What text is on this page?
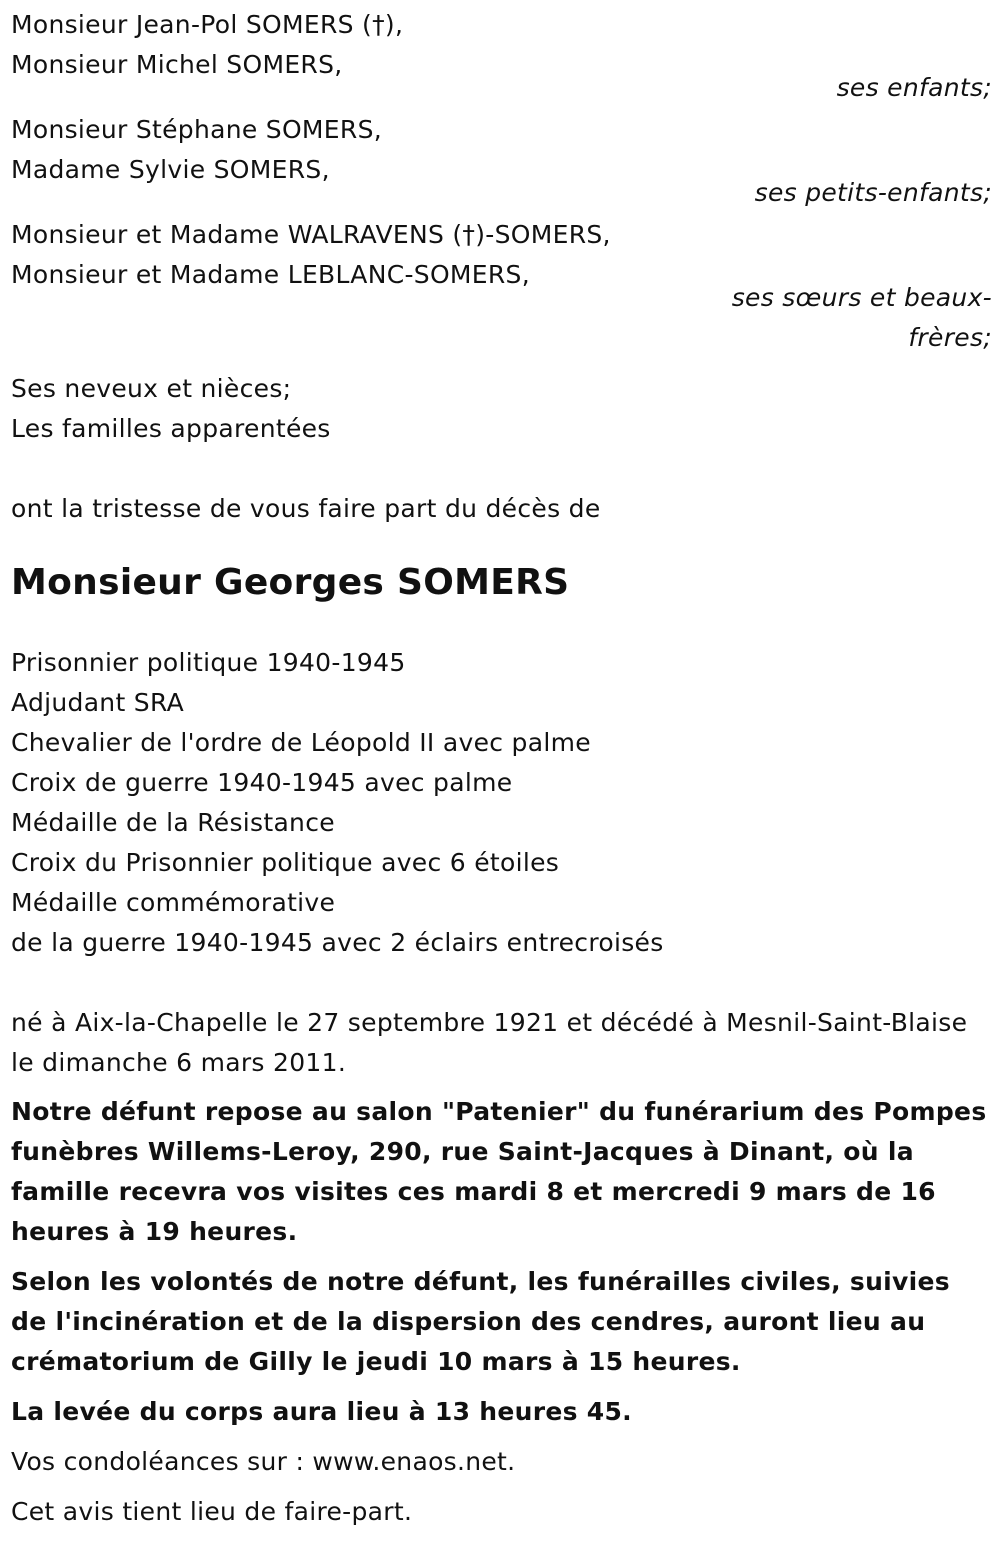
Monsieur Jean-Pol SOMERS (†),
Monsieur Michel SOMERS,
ses enfants;
Monsieur Stéphane SOMERS,
Madame Sylvie SOMERS,
ses petits-enfants;
Monsieur et Madame WALRAVENS (†)-SOMERS,
Monsieur et Madame LEBLANC-SOMERS,
ses sœurs et beaux-frères;
Ses neveux et nièces;
Les familles apparentées
ont la tristesse de vous faire part du décès de
Monsieur Georges SOMERS
Prisonnier politique 1940-1945
Adjudant SRA
Chevalier de l'ordre de Léopold II avec palme
Croix de guerre 1940-1945 avec palme
Médaille de la Résistance
Croix du Prisonnier politique avec 6 étoiles
Médaille commémorative
de la guerre 1940-1945 avec 2 éclairs entrecroisés
né à Aix-la-Chapelle le 27 septembre 1921 et décédé à Mesnil-Saint-Blaise
le dimanche 6 mars 2011.
Notre défunt repose au salon "Patenier" du funérarium des Pompes funèbres Willems-Leroy, 290, rue Saint-Jacques à Dinant, où la famille recevra vos visites ces mardi 8 et mercredi 9 mars de 16 heures à 19 heures.
Selon les volontés de notre défunt, les funérailles civiles, suivies de l'incinération et de la dispersion des cendres, auront lieu au crématorium de Gilly le jeudi 10 mars à 15 heures.
La levée du corps aura lieu à 13 heures 45.
Vos condoléances sur : www.enaos.net.
Cet avis tient lieu de faire-part.
